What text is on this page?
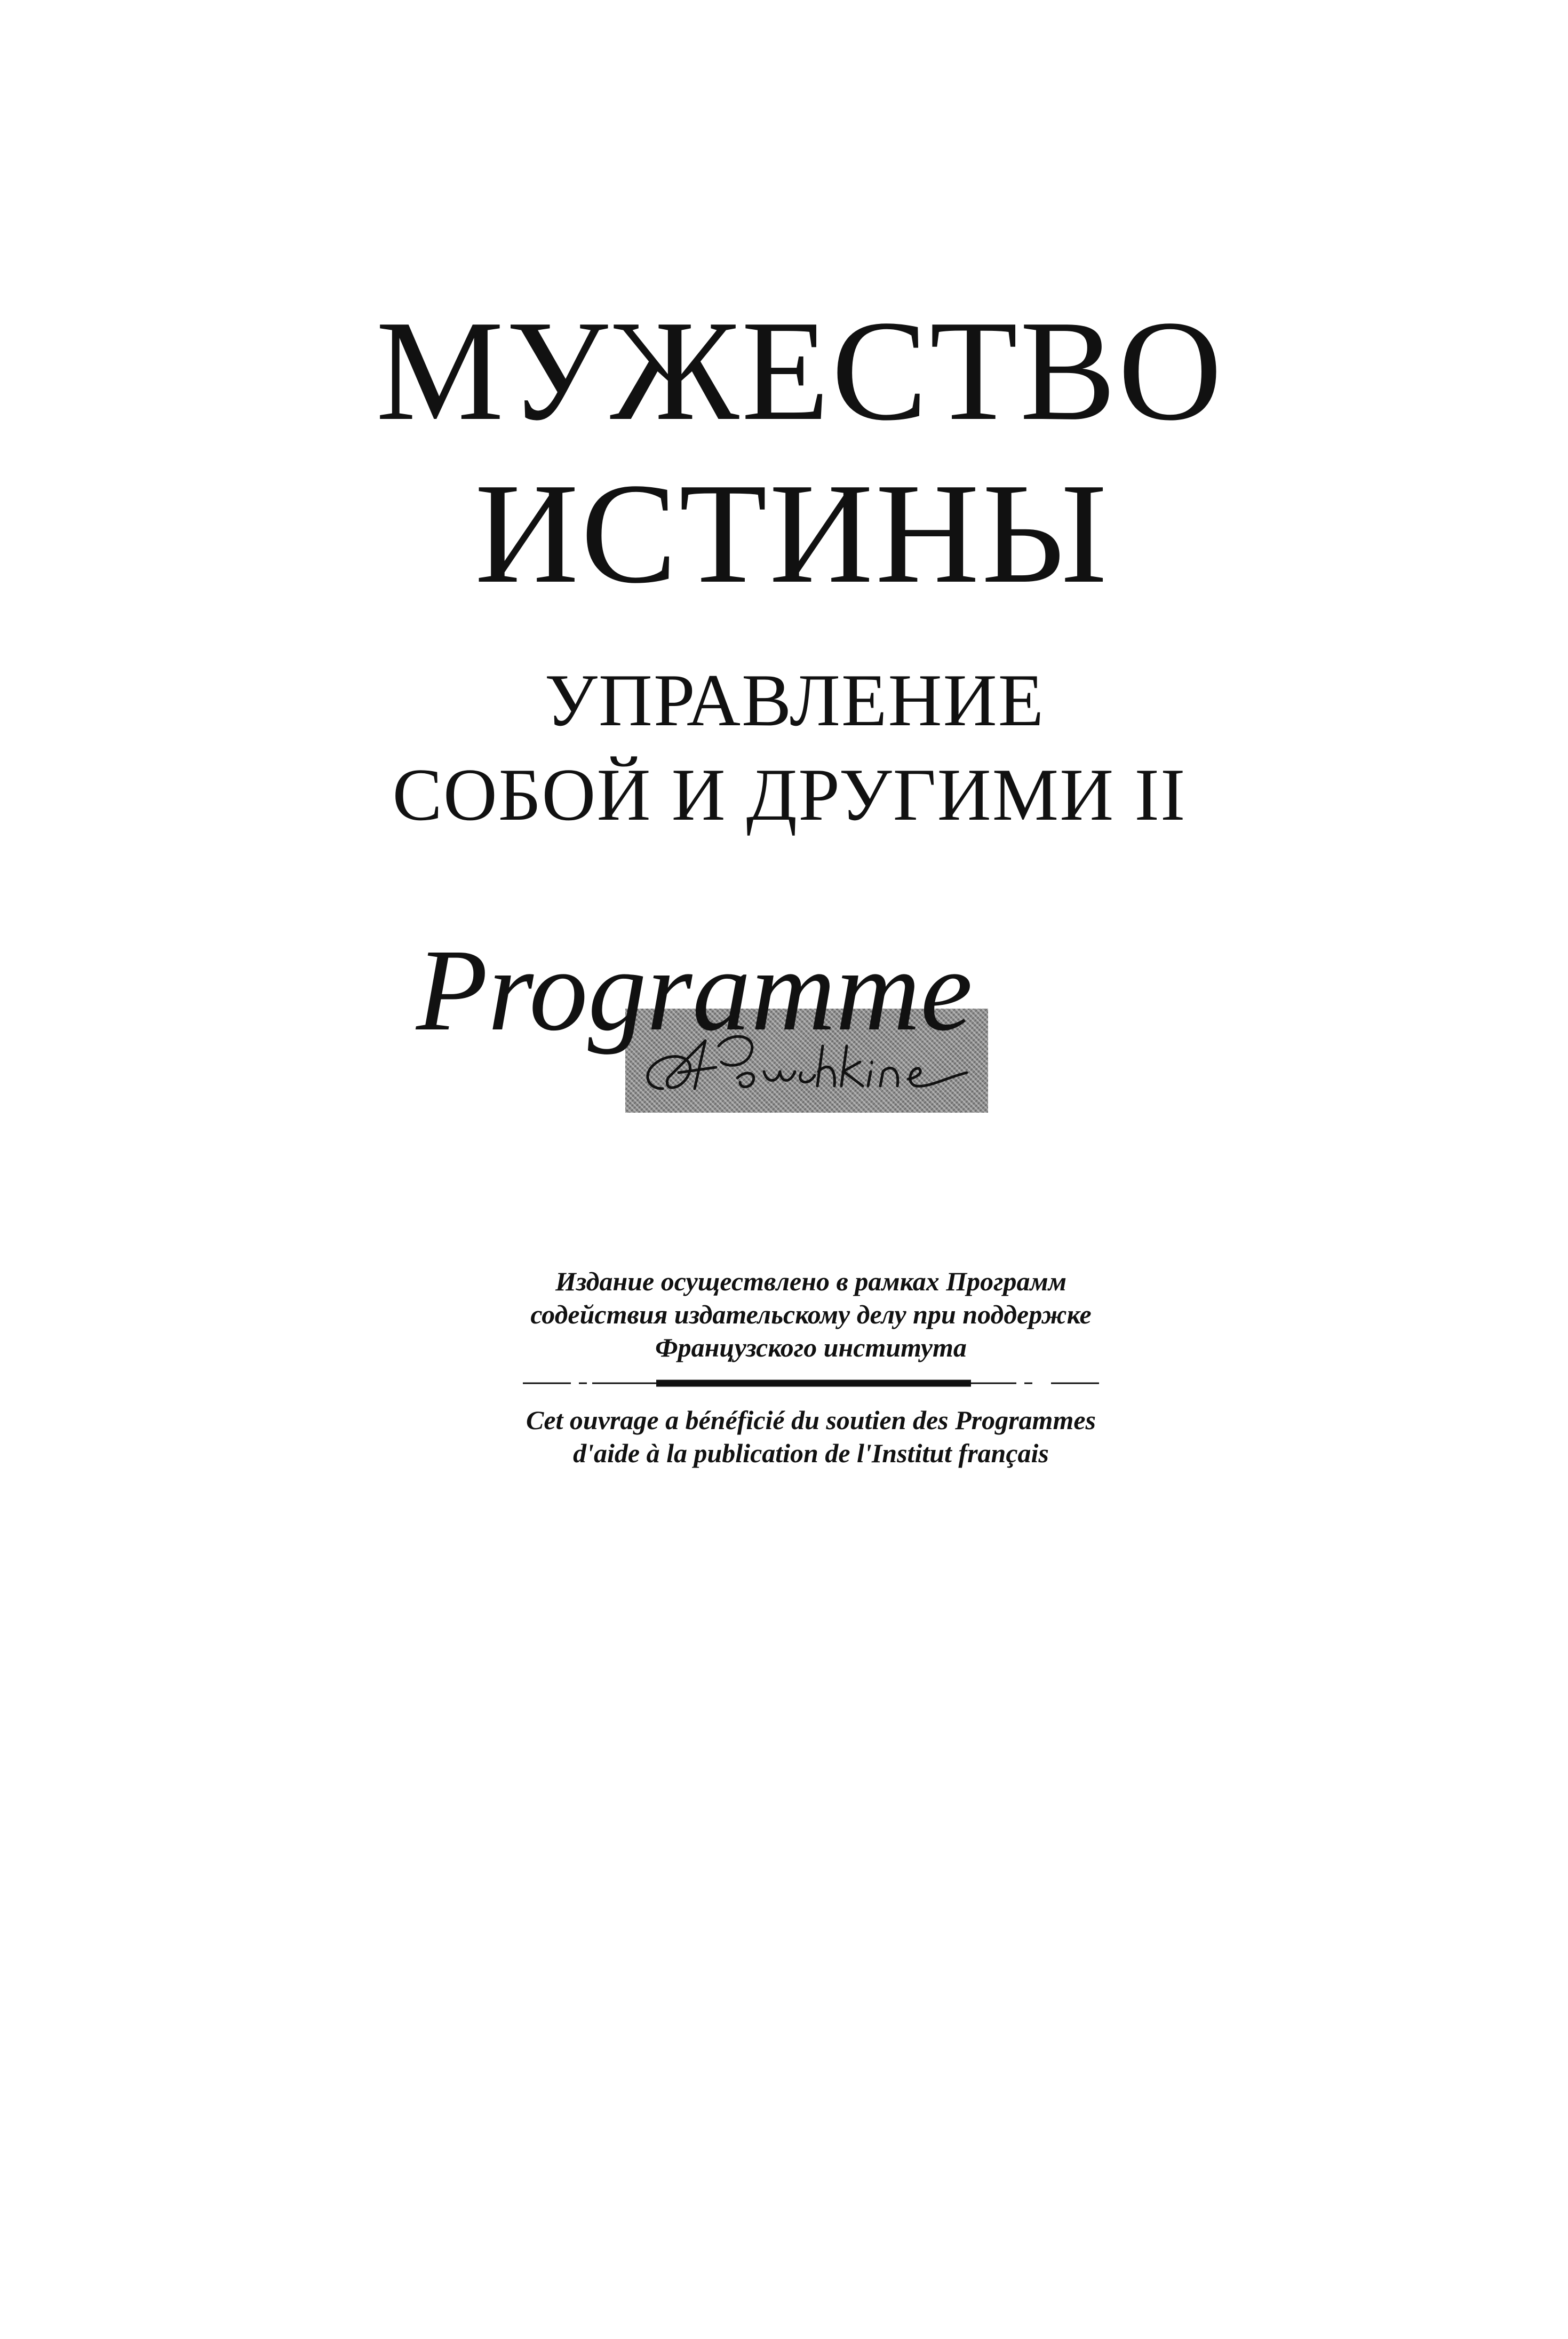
МУЖЕСТВО
ИСТИНЫ
УПРАВЛЕНИЕ
СОБОЙ И ДРУГИМИ II
Programme

Издание осуществлено в рамках Программ

содействия издательскому делу при поддержке

Французского института

Cet ouvrage a bénéficié du soutien des Programmes

d'aide à la publication de l'Institut français
